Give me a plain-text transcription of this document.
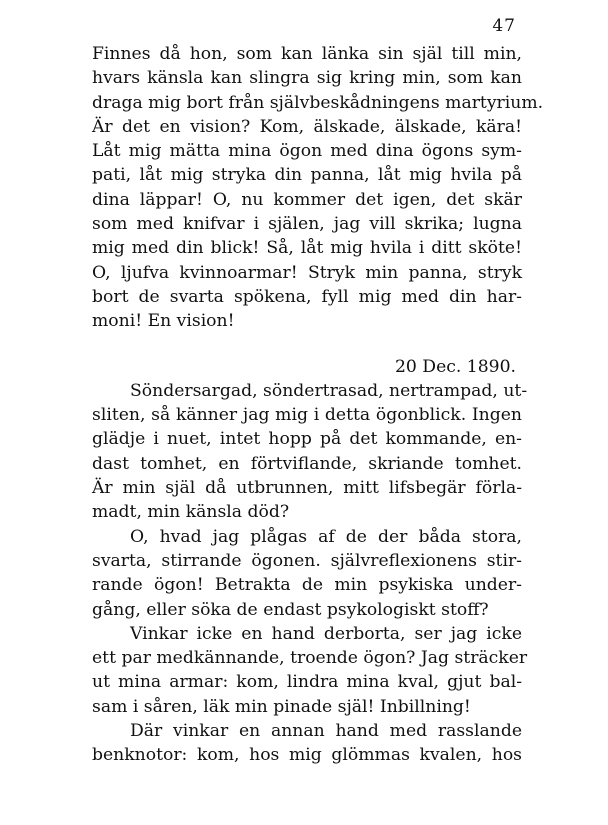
47
Finnes då hon, som kan länka sin själ till min,
hvars känsla kan slingra sig kring min, som kan
draga mig bort från självbeskådningens martyrium.
Är det en vision? Kom, älskade, älskade, kära!
Låt mig mätta mina ögon med dina ögons sym-
pati, låt mig stryka din panna, låt mig hvila på
dina läppar! O, nu kommer det igen, det skär
som med knifvar i själen, jag vill skrika; lugna
mig med din blick! Så, låt mig hvila i ditt sköte!
O, ljufva kvinnoarmar! Stryk min panna, stryk
bort de svarta spökena, fyll mig med din har-
moni! En vision!
20 Dec. 1890.
Söndersargad, söndertrasad, nertrampad, ut-
sliten, så känner jag mig i detta ögonblick. Ingen
glädje i nuet, intet hopp på det kommande, en-
dast tomhet, en förtviflande, skriande tomhet.
Är min själ då utbrunnen, mitt lifsbegär förla-
madt, min känsla död?
O, hvad jag plågas af de der båda stora,
svarta, stirrande ögonen. självreflexionens stir-
rande ögon! Betrakta de min psykiska under-
gång, eller söka de endast psykologiskt stoff?
Vinkar icke en hand derborta, ser jag icke
ett par medkännande, troende ögon? Jag sträcker
ut mina armar: kom, lindra mina kval, gjut bal-
sam i såren, läk min pinade själ! Inbillning!
Där vinkar en annan hand med rasslande
benknotor: kom, hos mig glömmas kvalen, hos
